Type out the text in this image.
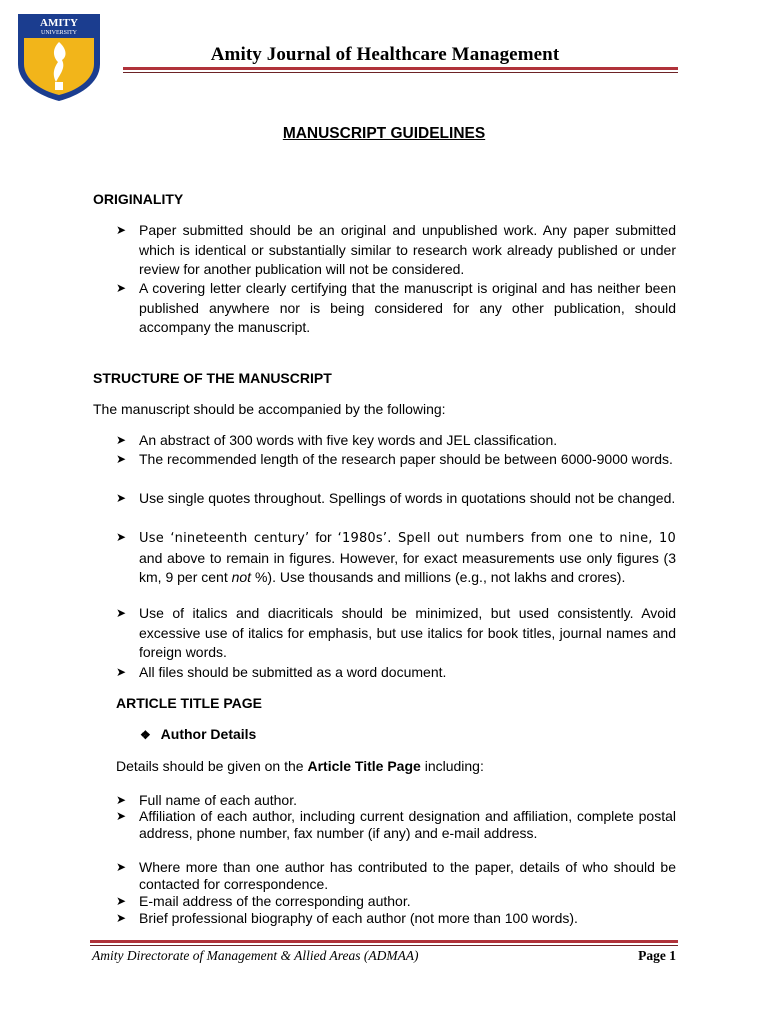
AMITY
UNIVERSITY
Amity Journal of Healthcare Management
MANUSCRIPT GUIDELINES
ORIGINALITY
➤ Paper submitted should be an original and unpublished work. Any paper submitted which is identical or substantially similar to research work already published or under review for another publication will not be considered.
➤ A covering letter clearly certifying that the manuscript is original and has neither been published anywhere nor is being considered for any other publication, should accompany the manuscript.
STRUCTURE OF THE MANUSCRIPT
The manuscript should be accompanied by the following:
➤ An abstract of 300 words with five key words and JEL classification.
➤ The recommended length of the research paper should be between 6000-9000 words.
➤ Use single quotes throughout. Spellings of words in quotations should not be changed.
➤ Use ‘nineteenth century’ for ‘1980s’. Spell out numbers from one to nine, 10 and above to remain in figures. However, for exact measurements use only figures (3 km, 9 per cent not %). Use thousands and millions (e.g., not lakhs and crores).
➤ Use of italics and diacriticals should be minimized, but used consistently. Avoid excessive use of italics for emphasis, but use italics for book titles, journal names and foreign words.
➤ All files should be submitted as a word document.
ARTICLE TITLE PAGE
❖ Author Details
Details should be given on the Article Title Page including:
➤ Full name of each author.
➤ Affiliation of each author, including current designation and affiliation, complete postal address, phone number, fax number (if any) and e-mail address.
➤ Where more than one author has contributed to the paper, details of who should be contacted for correspondence.
➤ E-mail address of the corresponding author.
➤ Brief professional biography of each author (not more than 100 words).
Amity Directorate of Management & Allied Areas (ADMAA)	Page 1
